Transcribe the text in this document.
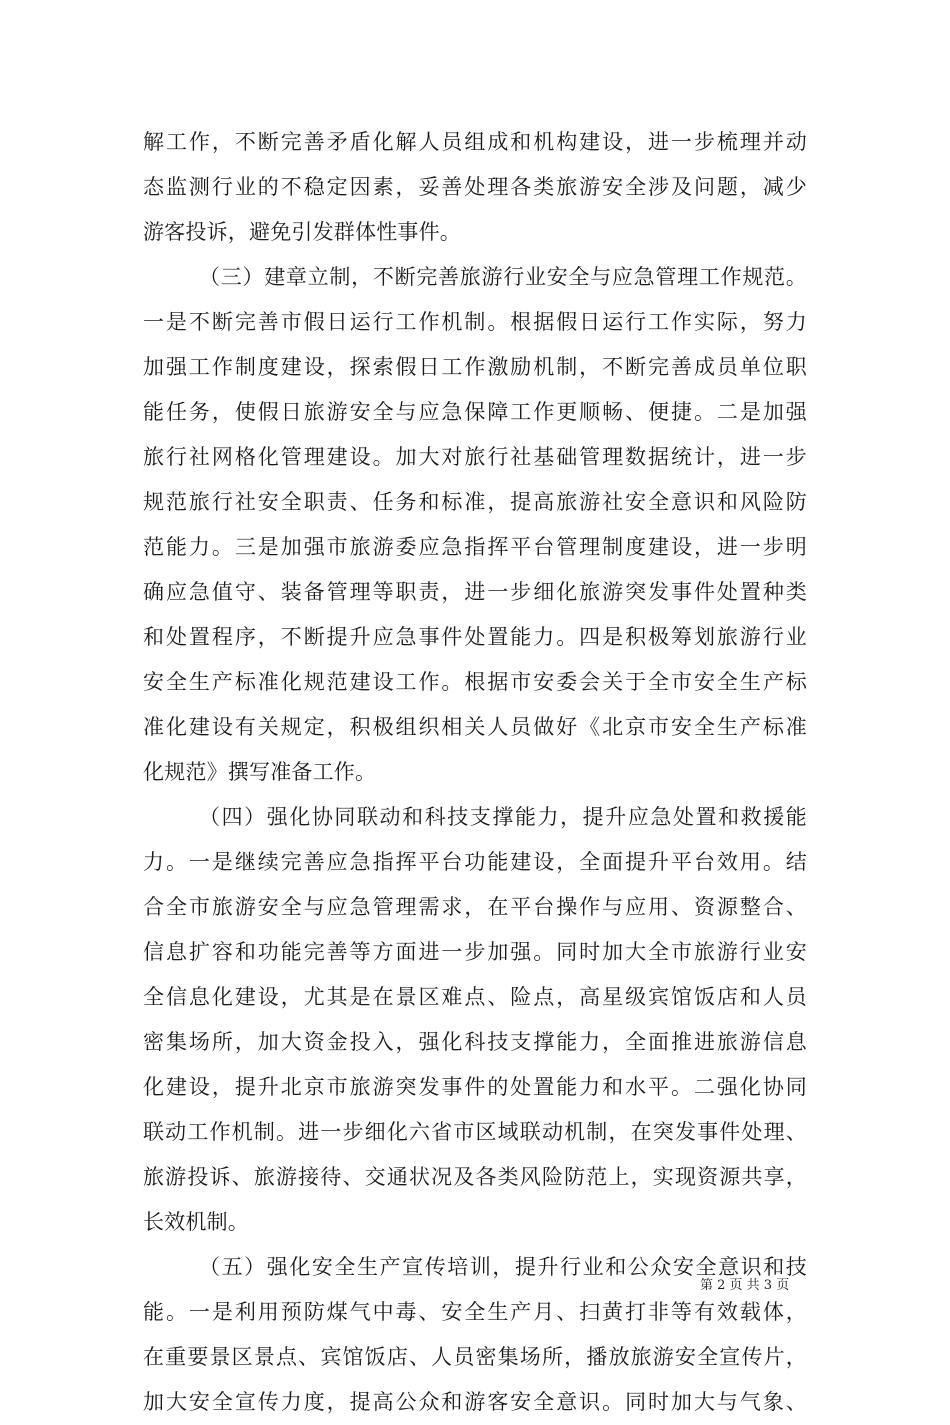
解工作，不断完善矛盾化解人员组成和机构建设，进一步梳理并动
态监测行业的不稳定因素，妥善处理各类旅游安全涉及问题，减少
游客投诉，避免引发群体性事件。
（三）建章立制，不断完善旅游行业安全与应急管理工作规范。
一是不断完善市假日运行工作机制。根据假日运行工作实际，努力
加强工作制度建设，探索假日工作激励机制，不断完善成员单位职
能任务，使假日旅游安全与应急保障工作更顺畅、便捷。二是加强
旅行社网格化管理建设。加大对旅行社基础管理数据统计，进一步
规范旅行社安全职责、任务和标准，提高旅游社安全意识和风险防
范能力。三是加强市旅游委应急指挥平台管理制度建设，进一步明
确应急值守、装备管理等职责，进一步细化旅游突发事件处置种类
和处置程序，不断提升应急事件处置能力。四是积极筹划旅游行业
安全生产标准化规范建设工作。根据市安委会关于全市安全生产标
准化建设有关规定，积极组织相关人员做好《北京市安全生产标准
化规范》撰写准备工作。
（四）强化协同联动和科技支撑能力，提升应急处置和救援能
力。一是继续完善应急指挥平台功能建设，全面提升平台效用。结
合全市旅游安全与应急管理需求，在平台操作与应用、资源整合、
信息扩容和功能完善等方面进一步加强。同时加大全市旅游行业安
全信息化建设，尤其是在景区难点、险点，高星级宾馆饭店和人员
密集场所，加大资金投入，强化科技支撑能力，全面推进旅游信息
化建设，提升北京市旅游突发事件的处置能力和水平。二强化协同
联动工作机制。进一步细化六省市区域联动机制，在突发事件处理、
旅游投诉、旅游接待、交通状况及各类风险防范上，实现资源共享，
长效机制。
（五）强化安全生产宣传培训，提升行业和公众安全意识和技
能。一是利用预防煤气中毒、安全生产月、扫黄打非等有效载体，
在重要景区景点、宾馆饭店、人员密集场所，播放旅游安全宣传片，
加大安全宣传力度，提高公众和游客安全意识。同时加大与气象、
第 2 页 共 3 页
